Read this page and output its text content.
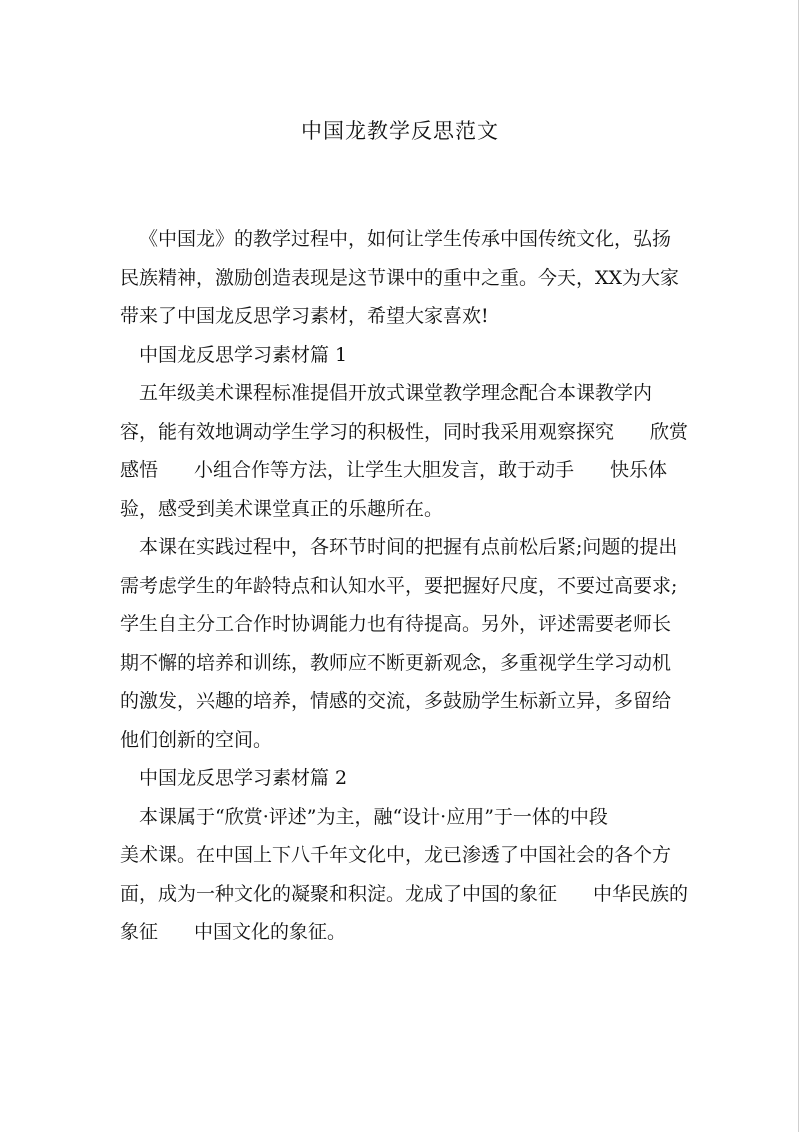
中国龙教学反思范文
《中国龙》的教学过程中，如何让学生传承中国传统文化，弘扬
民族精神，激励创造表现是这节课中的重中之重。今天，XX为大家
带来了中国龙反思学习素材，希望大家喜欢!
中国龙反思学习素材篇 1
五年级美术课程标准提倡开放式课堂教学理念配合本课教学内
容，能有效地调动学生学习的积极性，同时我采用观察探究 欣赏
感悟 小组合作等方法，让学生大胆发言，敢于动手 快乐体
验，感受到美术课堂真正的乐趣所在。
本课在实践过程中，各环节时间的把握有点前松后紧;问题的提出
需考虑学生的年龄特点和认知水平，要把握好尺度，不要过高要求;
学生自主分工合作时协调能力也有待提高。另外，评述需要老师长
期不懈的培养和训练，教师应不断更新观念，多重视学生学习动机
的激发，兴趣的培养，情感的交流，多鼓励学生标新立异，多留给
他们创新的空间。
中国龙反思学习素材篇 2
本课属于“欣赏·评述”为主，融“设计·应用”于一体的中段
美术课。在中国上下八千年文化中，龙已渗透了中国社会的各个方
面，成为一种文化的凝聚和积淀。龙成了中国的象征 中华民族的
象征 中国文化的象征。
